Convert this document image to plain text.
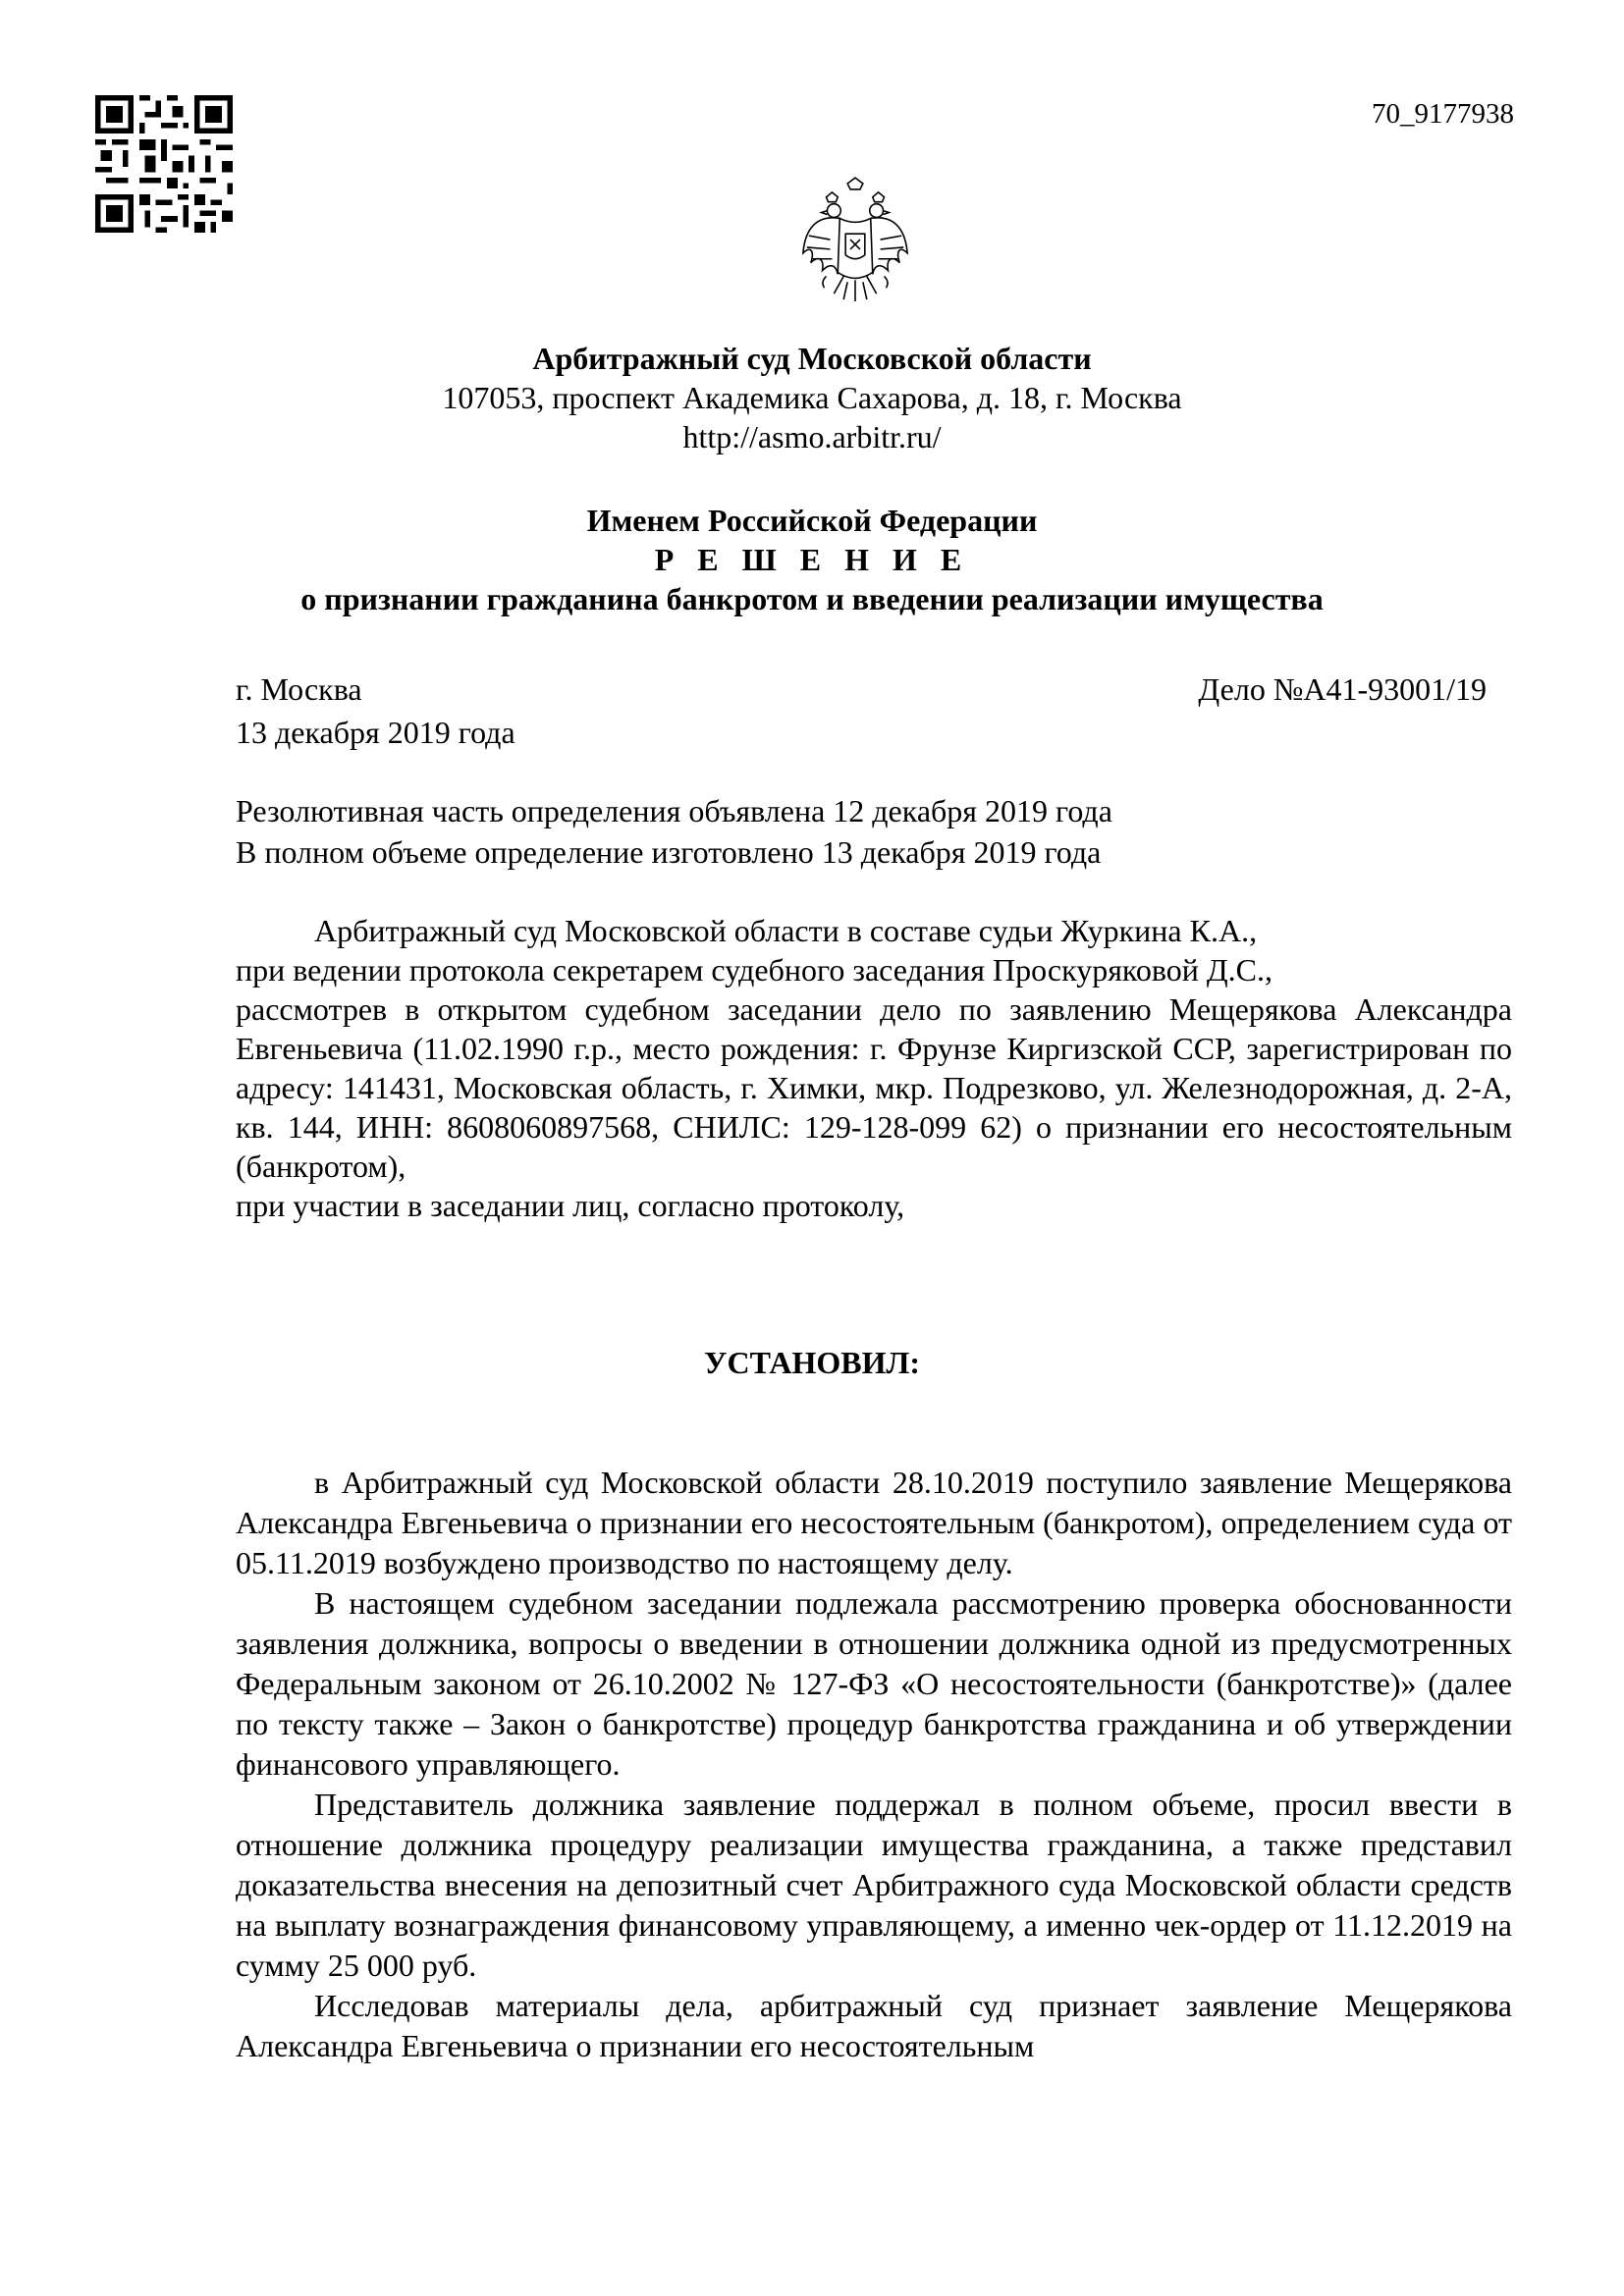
70_9177938
Арбитражный суд Московской области
107053, проспект Академика Сахарова, д. 18, г. Москва
http://asmo.arbitr.ru/
Именем Российской Федерации
Р Е Ш Е Н И Е
о признании гражданина банкротом и введении реализации имущества
г. Москва
13 декабря 2019 года
Дело №А41-93001/19
Резолютивная часть определения объявлена 12 декабря 2019 года
В полном объеме определение изготовлено 13 декабря 2019 года

Арбитражный суд Московской области в составе судьи Журкина К.А.,

при ведении протокола секретарем судебного заседания Проскуряковой Д.С.,

рассмотрев в открытом судебном заседании дело по заявлению Мещерякова Александра Евгеньевича (11.02.1990 г.р., место рождения: г. Фрунзе Киргизской ССР, зарегистрирован по адресу: 141431, Московская область, г. Химки, мкр. Подрезково, ул. Железнодорожная, д. 2-А, кв. 144, ИНН: 8608060897568, СНИЛС: 129-128-099 62) о признании его несостоятельным (банкротом),

при участии в заседании лиц, согласно протоколу,

УСТАНОВИЛ:

в Арбитражный суд Московской области 28.10.2019 поступило заявление Мещерякова Александра Евгеньевича о признании его несостоятельным (банкротом), определением суда от 05.11.2019 возбуждено производство по настоящему делу.

В настоящем судебном заседании подлежала рассмотрению проверка обоснованности заявления должника, вопросы о введении в отношении должника одной из предусмотренных Федеральным законом от 26.10.2002 № 127-ФЗ «О несостоятельности (банкротстве)» (далее по тексту также – Закон о банкротстве) процедур банкротства гражданина и об утверждении финансового управляющего.

Представитель должника заявление поддержал в полном объеме, просил ввести в отношение должника процедуру реализации имущества гражданина, а также представил доказательства внесения на депозитный счет Арбитражного суда Московской области средств на выплату вознаграждения финансовому управляющему, а именно чек-ордер от 11.12.2019 на сумму 25 000 руб.

Исследовав материалы дела, арбитражный суд признает заявление Мещерякова Александра Евгеньевича о признании его несостоятельным
